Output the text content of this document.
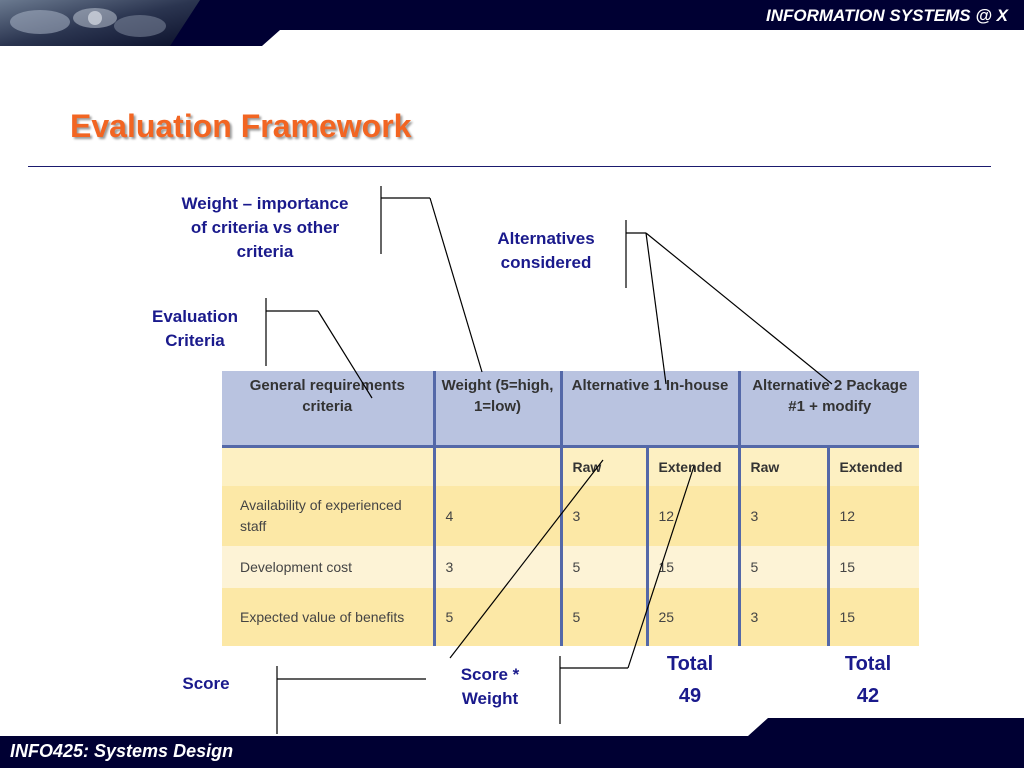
INFORMATION SYSTEMS @ X
INFO425: Systems Design
Evaluation Framework
Weight – importance
of criteria vs other
criteria
Alternatives
considered
Evaluation
Criteria
Score	Score *
Weight
General requirements criteria	Weight (5=high, 1=low)	Alternative 1 In-house		Alternative 2 Package #1 + modify	
		Raw	Extended	Raw	Extended
Availability of experienced staff	4	3	12	3	12
Development cost	3	5	15	5	15
Expected value of benefits	5	5	25	3	15
Total
49
Total
42
